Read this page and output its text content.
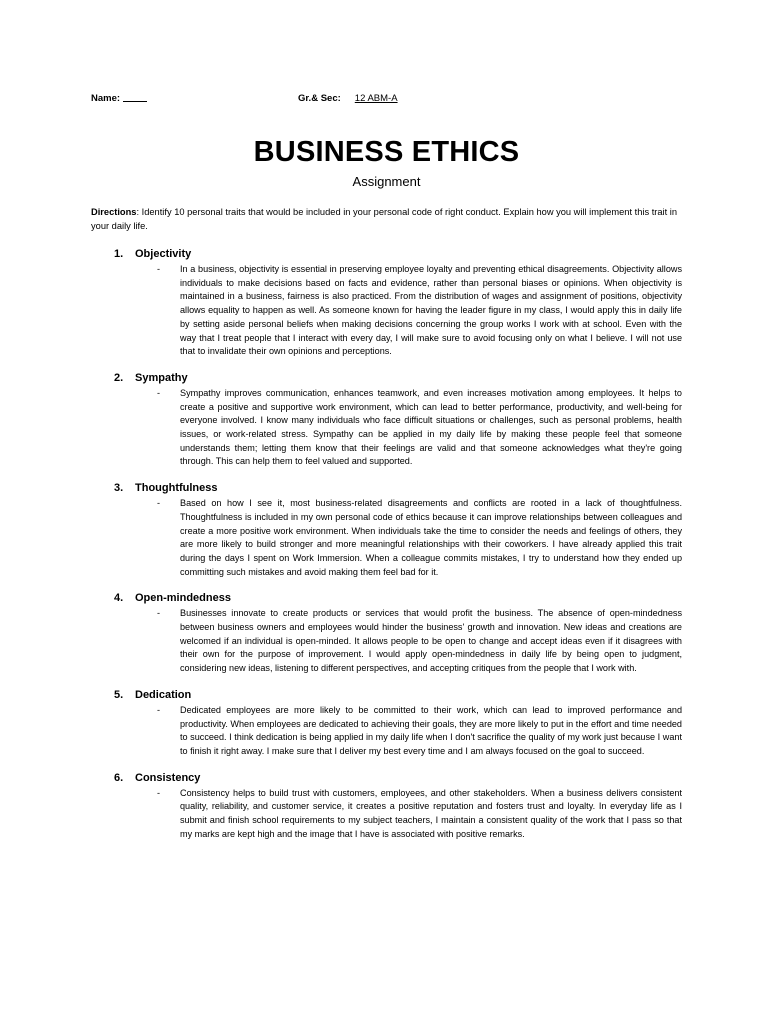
Name:	Gr.& Sec: 12 ABM-A
BUSINESS ETHICS
Assignment
Directions: Identify 10 personal traits that would be included in your personal code of right conduct. Explain how you will implement this trait in your daily life.
1. Objectivity
- In a business, objectivity is essential in preserving employee loyalty and preventing ethical disagreements. Objectivity allows individuals to make decisions based on facts and evidence, rather than personal biases or opinions. When objectivity is maintained in a business, fairness is also practiced. From the distribution of wages and assignment of positions, objectivity allows equality to happen as well. As someone known for having the leader figure in my class, I would apply this in daily life by setting aside personal beliefs when making decisions concerning the group works I work with at school. Even with the way that I treat people that I interact with every day, I will make sure to avoid focusing only on what I believe. I will not use that to invalidate their own opinions and perceptions.
2. Sympathy
- Sympathy improves communication, enhances teamwork, and even increases motivation among employees. It helps to create a positive and supportive work environment, which can lead to better performance, productivity, and well-being for everyone involved. I know many individuals who face difficult situations or challenges, such as personal problems, health issues, or work-related stress. Sympathy can be applied in my daily life by making these people feel that someone understands them; letting them know that their feelings are valid and that someone acknowledges what they're going through. This can help them to feel valued and supported.
3. Thoughtfulness
- Based on how I see it, most business-related disagreements and conflicts are rooted in a lack of thoughtfulness. Thoughtfulness is included in my own personal code of ethics because it can improve relationships between colleagues and create a more positive work environment. When individuals take the time to consider the needs and feelings of others, they are more likely to build stronger and more meaningful relationships with their coworkers. I have already applied this trait during the days I spent on Work Immersion. When a colleague commits mistakes, I try to understand how they ended up committing such mistakes and avoid making them feel bad for it.
4. Open-mindedness
- Businesses innovate to create products or services that would profit the business. The absence of open-mindedness between business owners and employees would hinder the business' growth and innovation. New ideas and creations are welcomed if an individual is open-minded. It allows people to be open to change and accept ideas even if it disagrees with their own for the purpose of improvement. I would apply open-mindedness in daily life by being open to judgment, considering new ideas, listening to different perspectives, and accepting critiques from the people that I work with.
5. Dedication
- Dedicated employees are more likely to be committed to their work, which can lead to improved performance and productivity. When employees are dedicated to achieving their goals, they are more likely to put in the effort and time needed to succeed. I think dedication is being applied in my daily life when I don't sacrifice the quality of my work just because I want to finish it right away. I make sure that I deliver my best every time and I am always focused on the goal to succeed.
6. Consistency
- Consistency helps to build trust with customers, employees, and other stakeholders. When a business delivers consistent quality, reliability, and customer service, it creates a positive reputation and fosters trust and loyalty. In everyday life as I submit and finish school requirements to my subject teachers, I maintain a consistent quality of the work that I pass so that my marks are kept high and the image that I have is associated with positive remarks.
